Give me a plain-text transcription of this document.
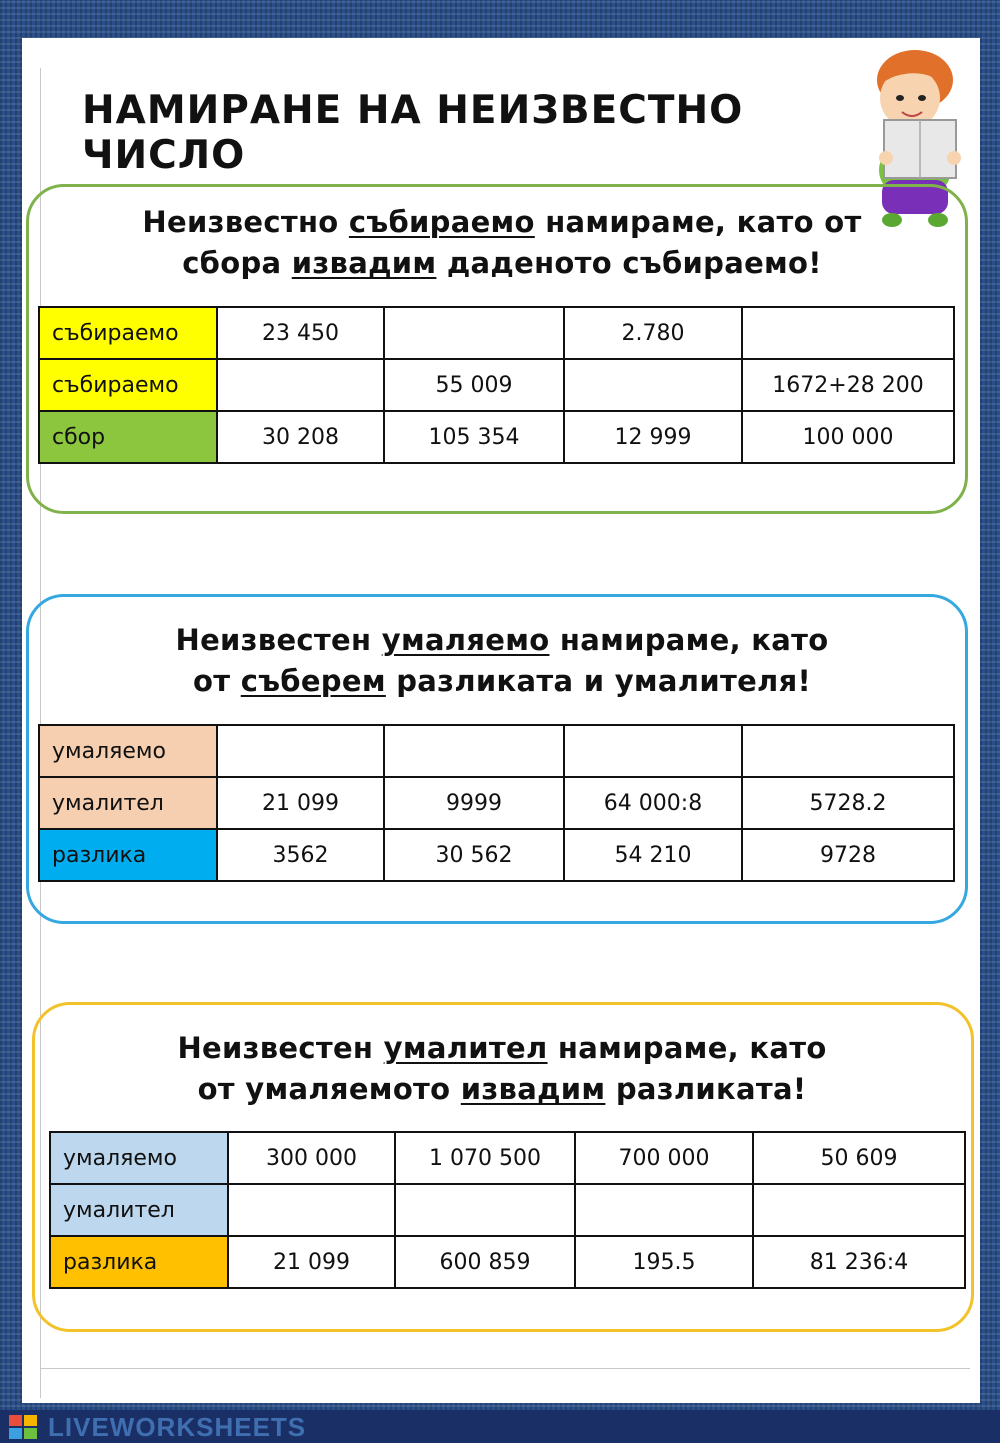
НАМИРАНЕ НА НЕИЗВЕСТНО ЧИСЛО
Неизвестно събираемо намираме, като от
сбора извадим даденото събираемо!
събираемо	23 450		2.780	
събираемо		55 009		1672+28 200
сбор	30 208	105 354	12 999	100 000
Неизвестен умаляемо намираме, като
от съберем разликата и умалителя!
умаляемо				
умалител	21 099	9999	64 000:8	5728.2
разлика	3562	30 562	54 210	9728
Неизвестен умалител намираме, като
от умаляемото извадим разликата!
умаляемо	300 000	1 070 500	700 000	50 609
умалител				
разлика	21 099	600 859	195.5	81 236:4
LIVEWORKSHEETS
